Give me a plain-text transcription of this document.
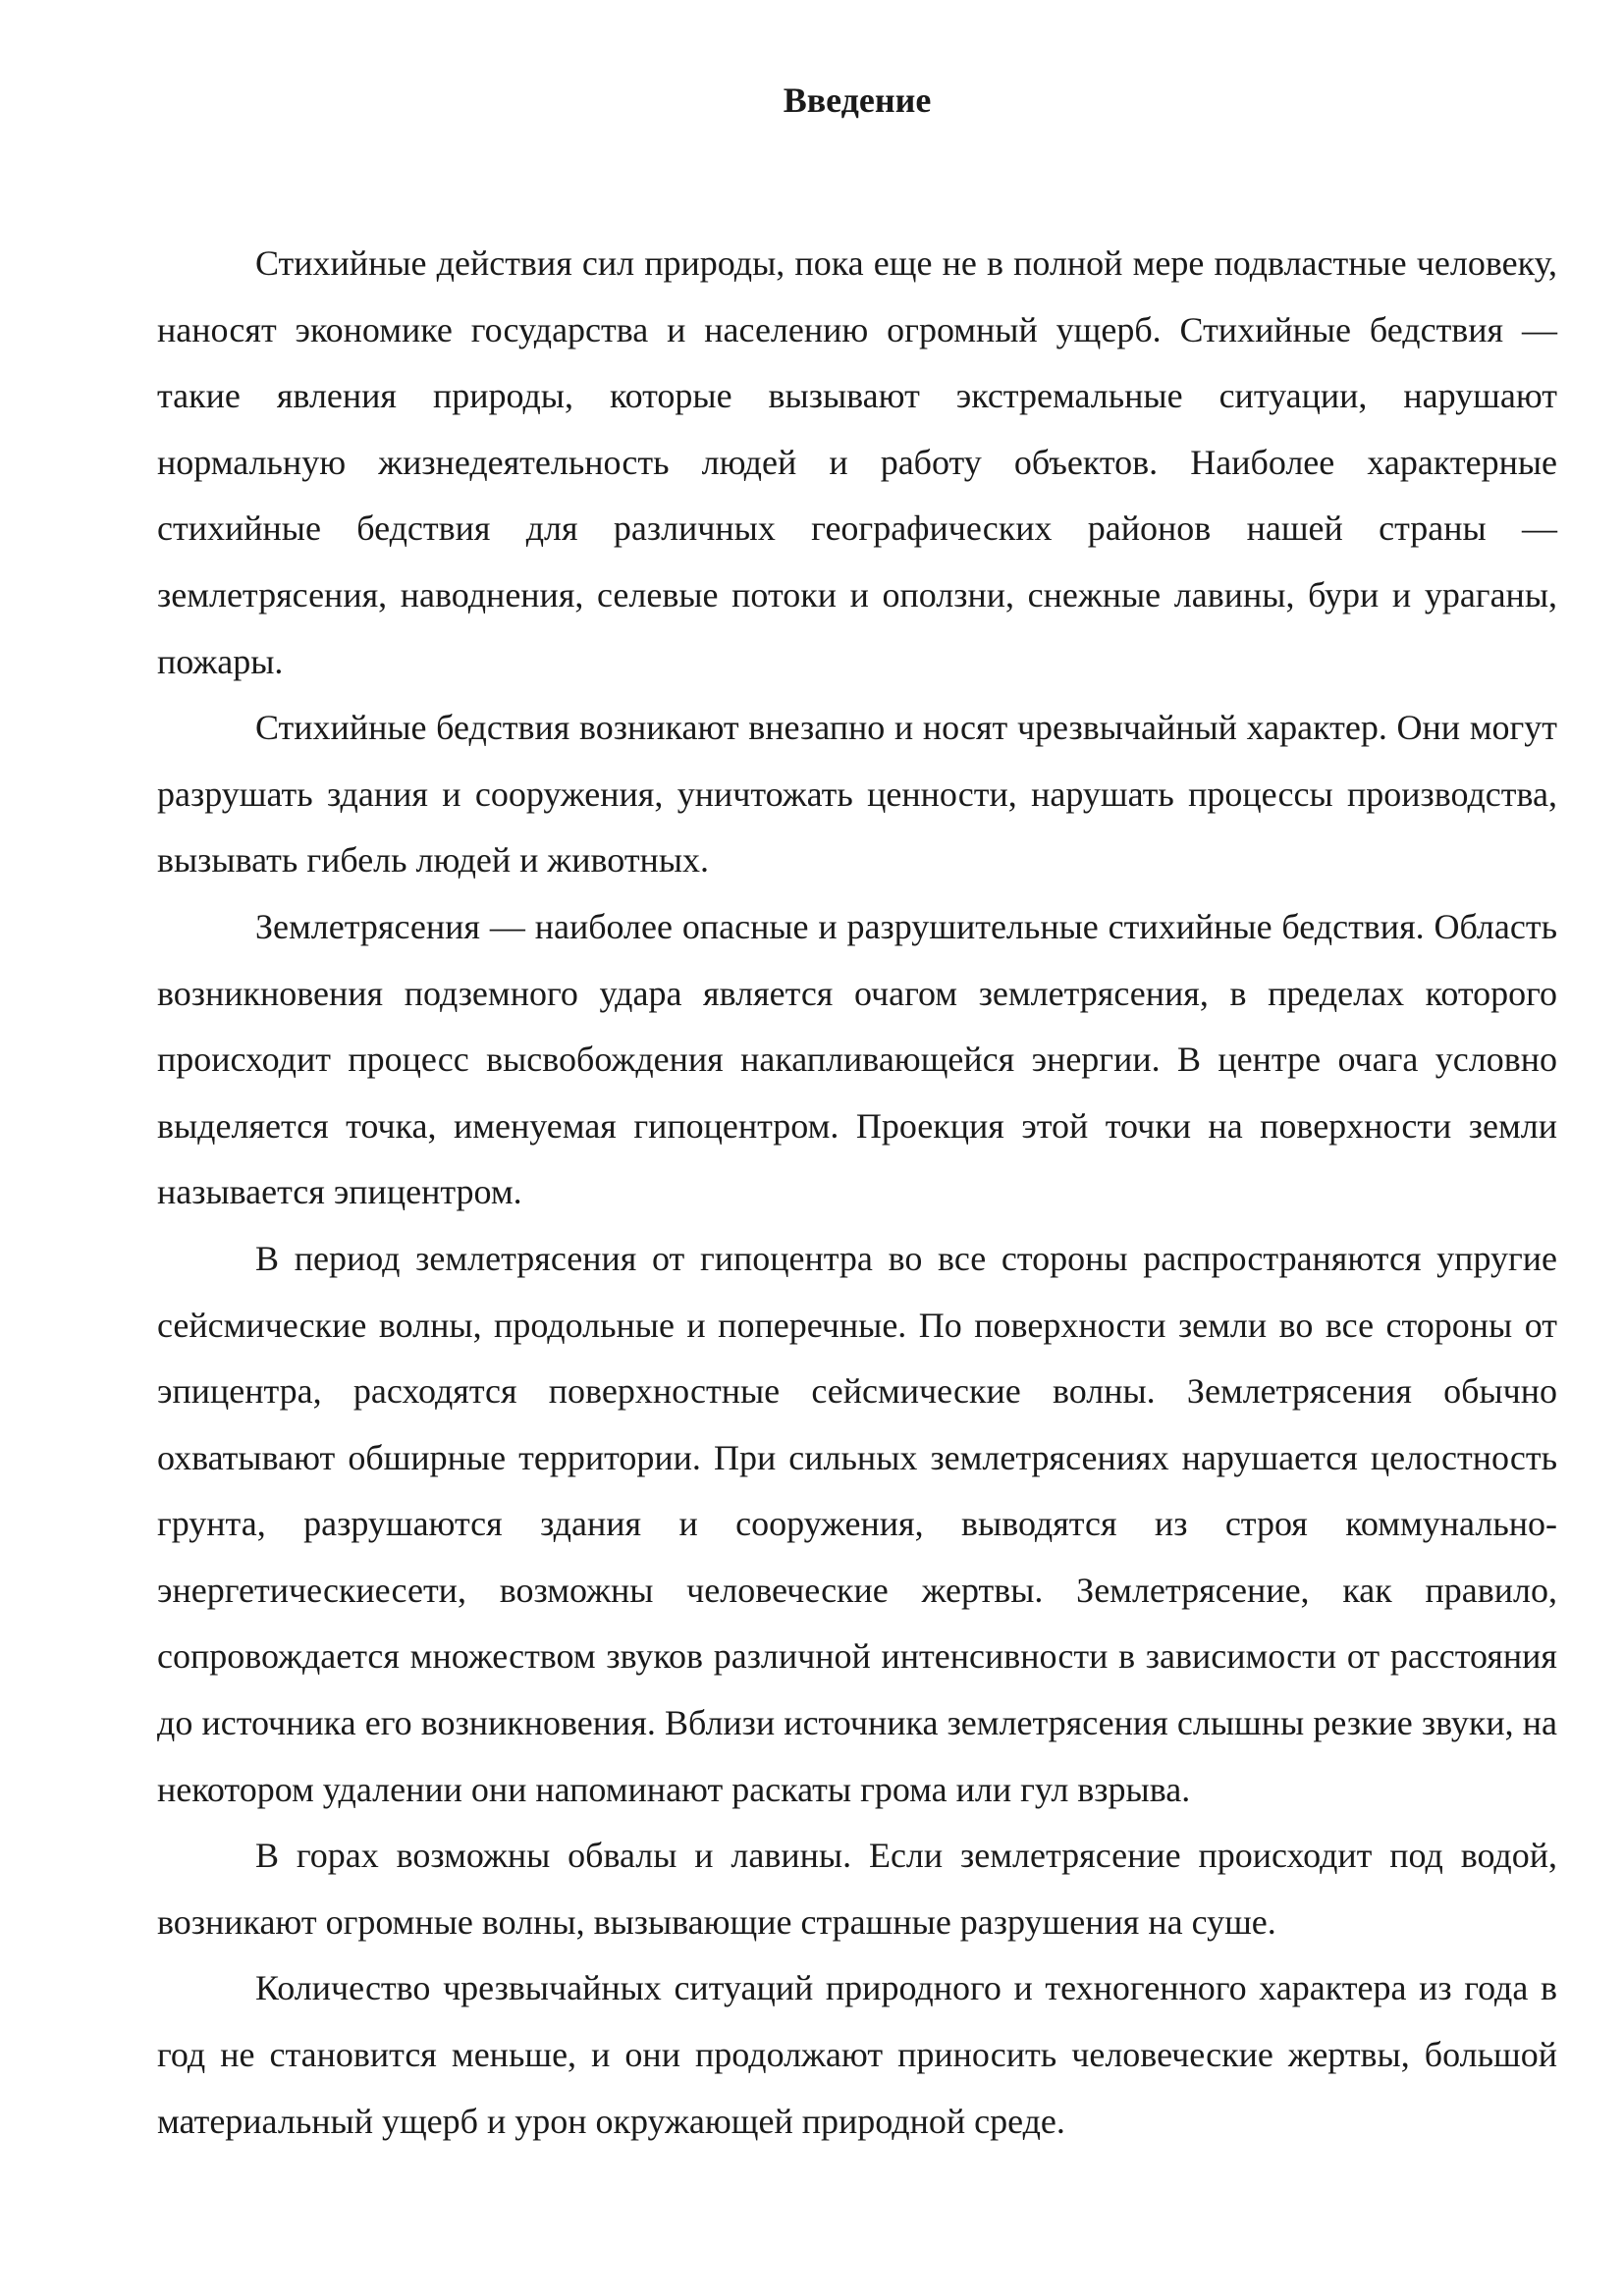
Введение

Стихийные действия сил природы, пока еще не в полной мере подвластные человеку, наносят экономике государства и населению огромный ущерб. Стихийные бедствия — такие явления природы, которые вызывают экстремальные ситуации, нарушают нормальную жизнедеятельность людей и работу объектов. Наиболее характерные стихийные бедствия для различных географических районов нашей страны — землетрясения, наводнения, селевые потоки и оползни, снежные лавины, бури и ураганы, пожары.

Стихийные бедствия возникают внезапно и носят чрезвычайный характер. Они могут разрушать здания и сооружения, уничтожать ценности, нарушать процессы производства, вызывать гибель людей и животных.

Землетрясения — наиболее опасные и разрушительные стихийные бедствия. Область возникновения подземного удара является очагом землетрясения, в пределах которого происходит процесс высвобождения накапливающейся энергии. В центре очага условно выделяется точка, именуемая гипоцентром. Проекция этой точки на поверхности земли называется эпицентром.

В период землетрясения от гипоцентра во все стороны распространяются упругие сейсмические волны, продольные и поперечные. По поверхности земли во все стороны от эпицентра, расходятся поверхностные сейсмические волны. Землетрясения обычно охватывают обширные территории. При сильных землетрясениях нарушается целостность грунта, разрушаются здания и сооружения, выводятся из строя коммунально-энергетическиесети, возможны человеческие жертвы. Землетрясение, как правило, сопровождается множеством звуков различной интенсивности в зависимости от расстояния до источника его возникновения. Вблизи источника землетрясения слышны резкие звуки, на некотором удалении они напоминают раскаты грома или гул взрыва.

В горах возможны обвалы и лавины. Если землетрясение происходит под водой, возникают огромные волны, вызывающие страшные разрушения на суше.

Количество чрезвычайных ситуаций природного и техногенного характера из года в год не становится меньше, и они продолжают приносить человеческие жертвы, большой материальный ущерб и урон окружающей природной среде.
